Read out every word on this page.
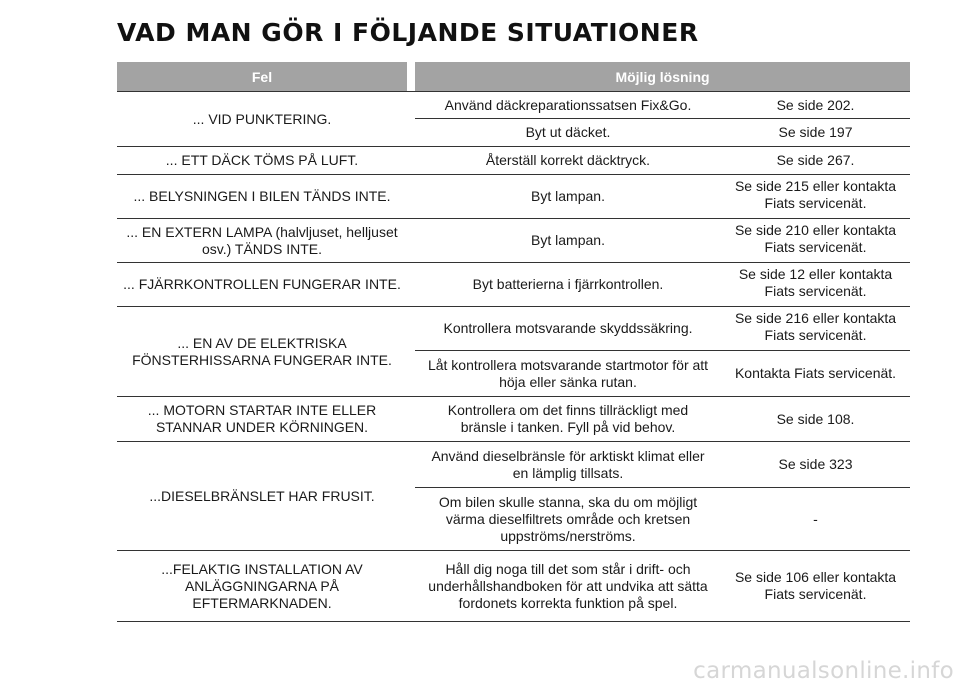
VAD MAN GÖR I FÖLJANDE SITUATIONER
Fel		Möjlig lösning	
... VID PUNKTERING.		Använd däckreparationssatsen Fix&Go.	Se side 202.
		Byt ut däcket.	Se side 197
... ETT DÄCK TÖMS PÅ LUFT.		Återställ korrekt däcktryck.	Se side 267.
... BELYSNINGEN I BILEN TÄNDS INTE.		Byt lampan.	Se side 215 eller kontakta Fiats servicenät.
... EN EXTERN LAMPA (halvljuset, helljuset osv.) TÄNDS INTE.		Byt lampan.	Se side 210 eller kontakta Fiats servicenät.
... FJÄRRKONTROLLEN FUNGERAR INTE.		Byt batterierna i fjärrkontrollen.	Se side 12 eller kontakta Fiats servicenät.
... EN AV DE ELEKTRISKA FÖNSTERHISSARNA FUNGERAR INTE.		Kontrollera motsvarande skyddssäkring.	Se side 216 eller kontakta Fiats servicenät.
		Låt kontrollera motsvarande startmotor för att höja eller sänka rutan.	Kontakta Fiats servicenät.
... MOTORN STARTAR INTE ELLER STANNAR UNDER KÖRNINGEN.		Kontrollera om det finns tillräckligt med bränsle i tanken. Fyll på vid behov.	Se side 108.
...DIESELBRÄNSLET HAR FRUSIT.		Använd dieselbränsle för arktiskt klimat eller en lämplig tillsats.	Se side 323
		Om bilen skulle stanna, ska du om möjligt värma dieselfiltrets område och kretsen uppströms/nerströms.	-
...FELAKTIG INSTALLATION AV ANLÄGGNINGARNA PÅ EFTERMARKNADEN.		Håll dig noga till det som står i drift- och underhållshandboken för att undvika att sätta fordonets korrekta funktion på spel.	Se side 106 eller kontakta Fiats servicenät.
carmanualsonline.info
